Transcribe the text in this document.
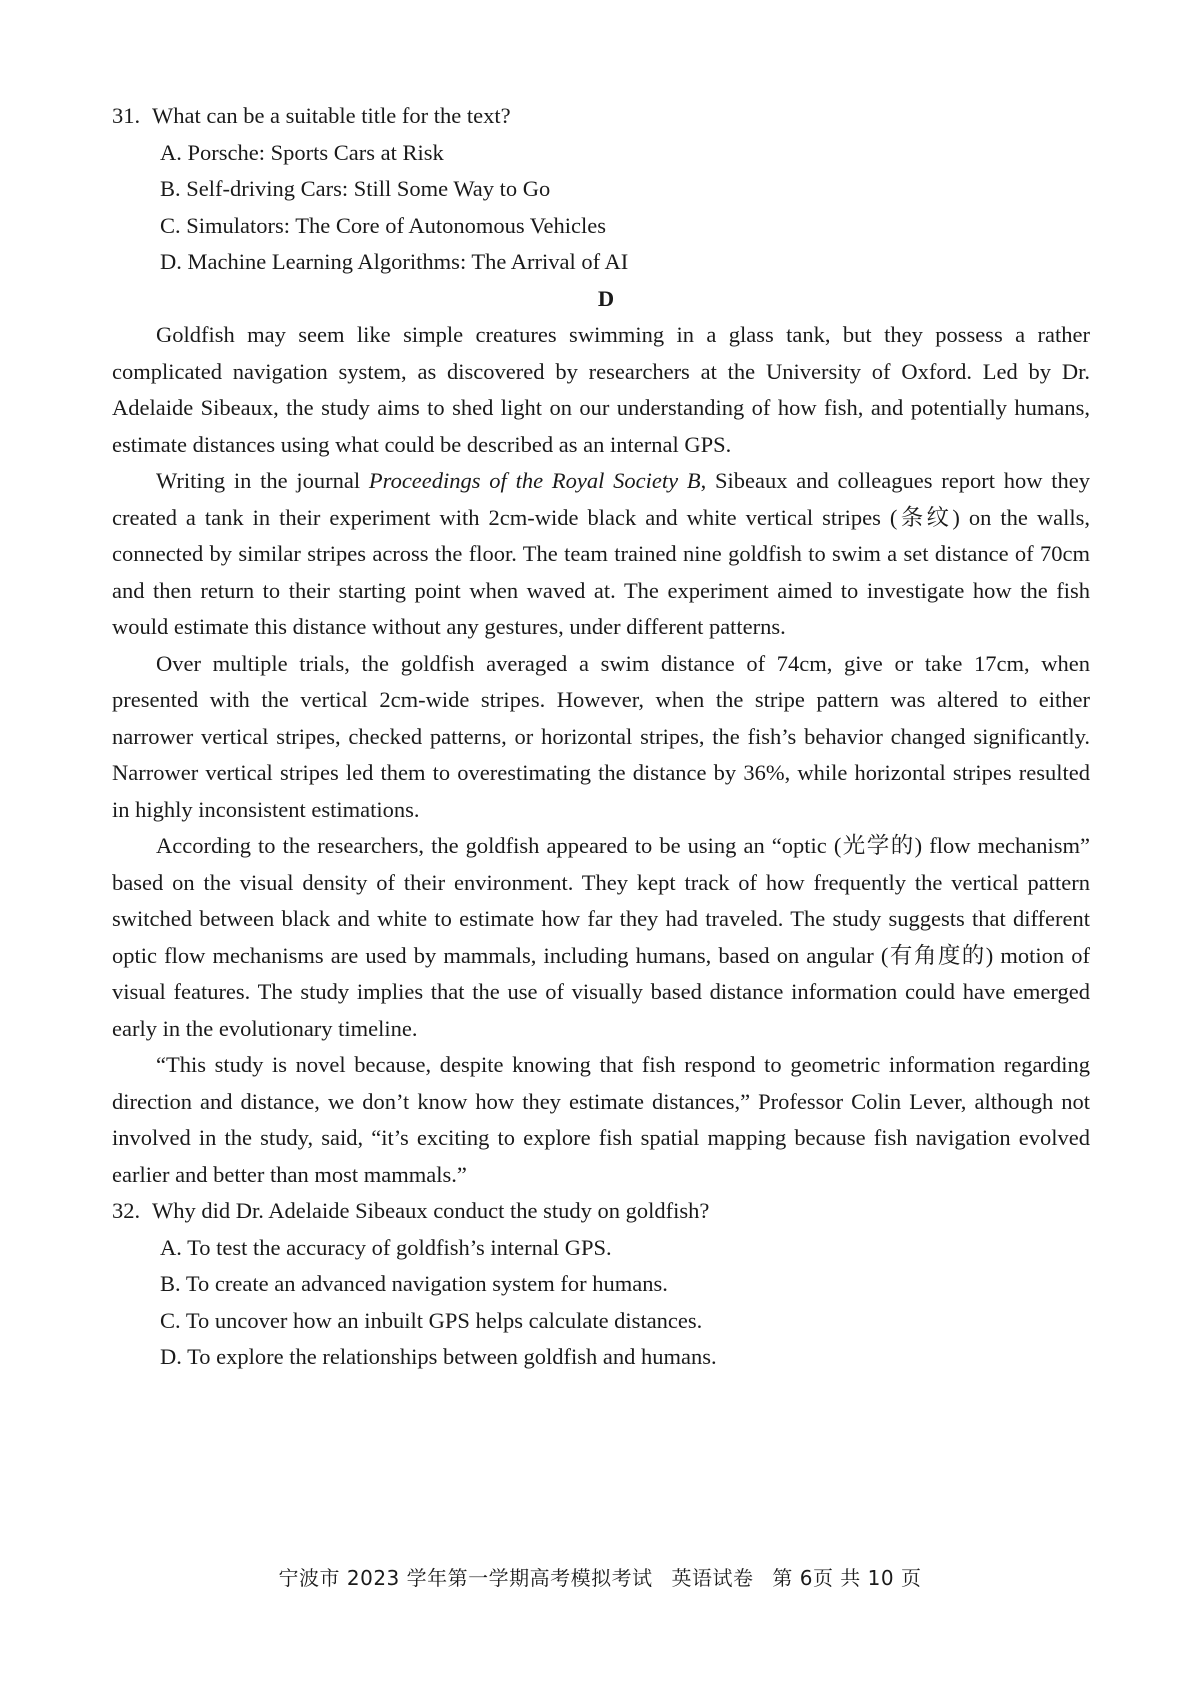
31. What can be a suitable title for the text?
A. Porsche: Sports Cars at Risk
B. Self-driving Cars: Still Some Way to Go
C. Simulators: The Core of Autonomous Vehicles
D. Machine Learning Algorithms: The Arrival of AI
D

Goldfish may seem like simple creatures swimming in a glass tank, but they possess a rather complicated navigation system, as discovered by researchers at the University of Oxford. Led by Dr. Adelaide Sibeaux, the study aims to shed light on our understanding of how fish, and potentially humans, estimate distances using what could be described as an internal GPS.

Writing in the journal Proceedings of the Royal Society B, Sibeaux and colleagues report how they created a tank in their experiment with 2cm-wide black and white vertical stripes (条纹) on the walls, connected by similar stripes across the floor. The team trained nine goldfish to swim a set distance of 70cm and then return to their starting point when waved at. The experiment aimed to investigate how the fish would estimate this distance without any gestures, under different patterns.

Over multiple trials, the goldfish averaged a swim distance of 74cm, give or take 17cm, when presented with the vertical 2cm-wide stripes. However, when the stripe pattern was altered to either narrower vertical stripes, checked patterns, or horizontal stripes, the fish’s behavior changed significantly. Narrower vertical stripes led them to overestimating the distance by 36%, while horizontal stripes resulted in highly inconsistent estimations.

According to the researchers, the goldfish appeared to be using an “optic (光学的) flow mechanism” based on the visual density of their environment. They kept track of how frequently the vertical pattern switched between black and white to estimate how far they had traveled. The study suggests that different optic flow mechanisms are used by mammals, including humans, based on angular (有角度的) motion of visual features. The study implies that the use of visually based distance information could have emerged early in the evolutionary timeline.

“This study is novel because, despite knowing that fish respond to geometric information regarding direction and distance, we don’t know how they estimate distances,” Professor Colin Lever, although not involved in the study, said, “it’s exciting to explore fish spatial mapping because fish navigation evolved earlier and better than most mammals.”

32. Why did Dr. Adelaide Sibeaux conduct the study on goldfish?
A. To test the accuracy of goldfish’s internal GPS.
B. To create an advanced navigation system for humans.
C. To uncover how an inbuilt GPS helps calculate distances.
D. To explore the relationships between goldfish and humans.
宁波市 2023 学年第一学期高考模拟考试 英语试卷 第 6页 共 10 页
